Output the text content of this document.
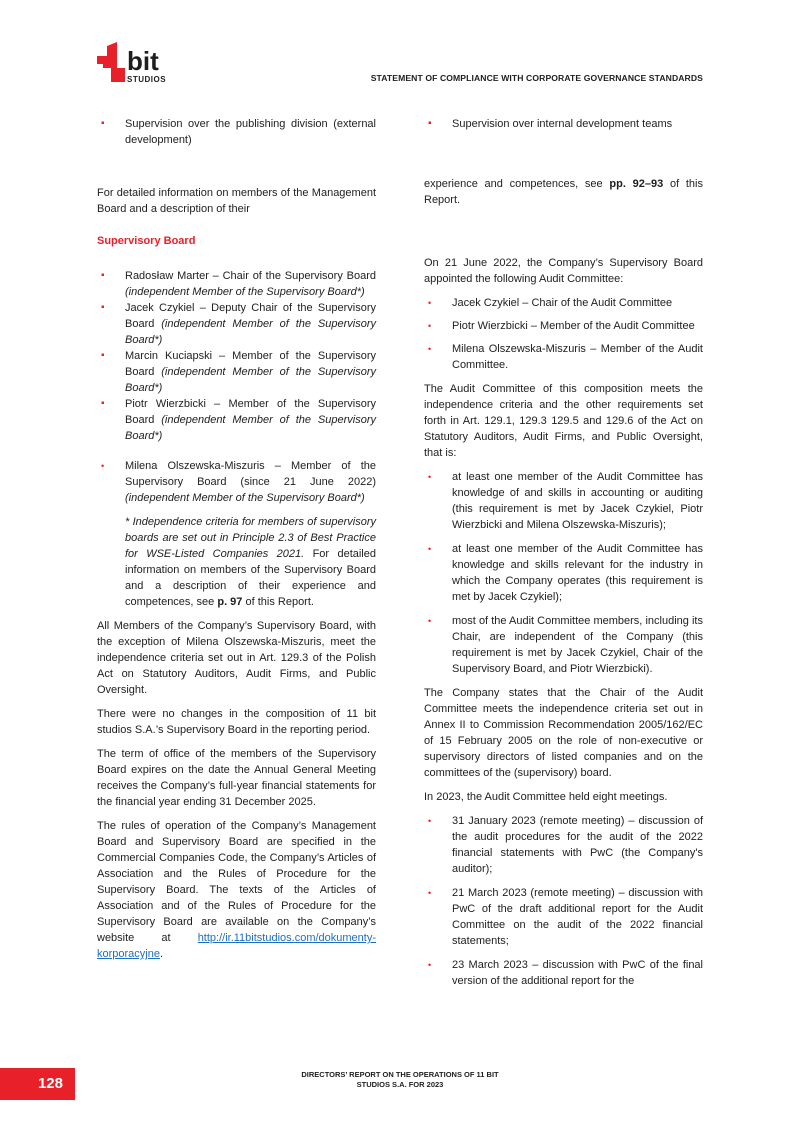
bit
STUDIOS	STATEMENT OF COMPLIANCE WITH CORPORATE GOVERNANCE STANDARDS
▪
Supervision over the publishing division (external development)

For detailed information on members of the Management Board and a description of their

Supervisory Board

▪
Radosław Marter – Chair of the Supervisory Board (independent Member of the Supervisory Board*)
▪
Jacek Czykiel – Deputy Chair of the Supervisory Board (independent Member of the Supervisory Board*)
▪
Marcin Kuciapski – Member of the Supervisory Board (independent Member of the Supervisory Board*)
▪
Piotr Wierzbicki – Member of the Supervisory Board (independent Member of the Supervisory Board*)
•
Milena Olszewska-Miszuris – Member of the Supervisory Board (since 21 June 2022) (independent Member of the Supervisory Board*)

* Independence criteria for members of supervisory boards are set out in Principle 2.3 of Best Practice for WSE-Listed Companies 2021. For detailed information on members of the Supervisory Board and a description of their experience and competences, see p. 97 of this Report.

All Members of the Company’s Supervisory Board, with the exception of Milena Olszewska-Miszuris, meet the independence criteria set out in Art. 129.3 of the Polish Act on Statutory Auditors, Audit Firms, and Public Oversight.

There were no changes in the composition of 11 bit studios S.A.’s Supervisory Board in the reporting period.

The term of office of the members of the Supervisory Board expires on the date the Annual General Meeting receives the Company’s full-year financial statements for the financial year ending 31 December 2025.

The rules of operation of the Company’s Management Board and Supervisory Board are specified in the Commercial Companies Code, the Company’s Articles of Association and the Rules of Procedure for the Supervisory Board. The texts of the Articles of Association and of the Rules of Procedure for the Supervisory Board are available on the Company’s website at http://ir.11bitstudios.com/dokumenty-korporacyjne.

▪
Supervision over internal development teams

experience and competences, see pp. 92–93 of this Report.

On 21 June 2022, the Company’s Supervisory Board appointed the following Audit Committee:

•
Jacek Czykiel – Chair of the Audit Committee
•
Piotr Wierzbicki – Member of the Audit Committee
•
Milena Olszewska-Miszuris – Member of the Audit Committee.

The Audit Committee of this composition meets the independence criteria and the other requirements set forth in Art. 129.1, 129.3 129.5 and 129.6 of the Act on Statutory Auditors, Audit Firms, and Public Oversight, that is:

•
at least one member of the Audit Committee has knowledge of and skills in accounting or auditing (this requirement is met by Jacek Czykiel, Piotr Wierzbicki and Milena Olszewska-Miszuris);
•
at least one member of the Audit Committee has knowledge and skills relevant for the industry in which the Company operates (this requirement is met by Jacek Czykiel);
•
most of the Audit Committee members, including its Chair, are independent of the Company (this requirement is met by Jacek Czykiel, Chair of the Supervisory Board, and Piotr Wierzbicki).

The Company states that the Chair of the Audit Committee meets the independence criteria set out in Annex II to Commission Recommendation 2005/162/EC of 15 February 2005 on the role of non-executive or supervisory directors of listed companies and on the committees of the (supervisory) board.

In 2023, the Audit Committee held eight meetings.

•
31 January 2023 (remote meeting) – discussion of the audit procedures for the audit of the 2022 financial statements with PwC (the Company's auditor);
•
21 March 2023 (remote meeting) – discussion with PwC of the draft additional report for the Audit Committee on the audit of the 2022 financial statements;
•
23 March 2023 – discussion with PwC of the final version of the additional report for the
128
DIRECTORS’ REPORT ON THE OPERATIONS OF 11 BIT
STUDIOS S.A. FOR 2023
